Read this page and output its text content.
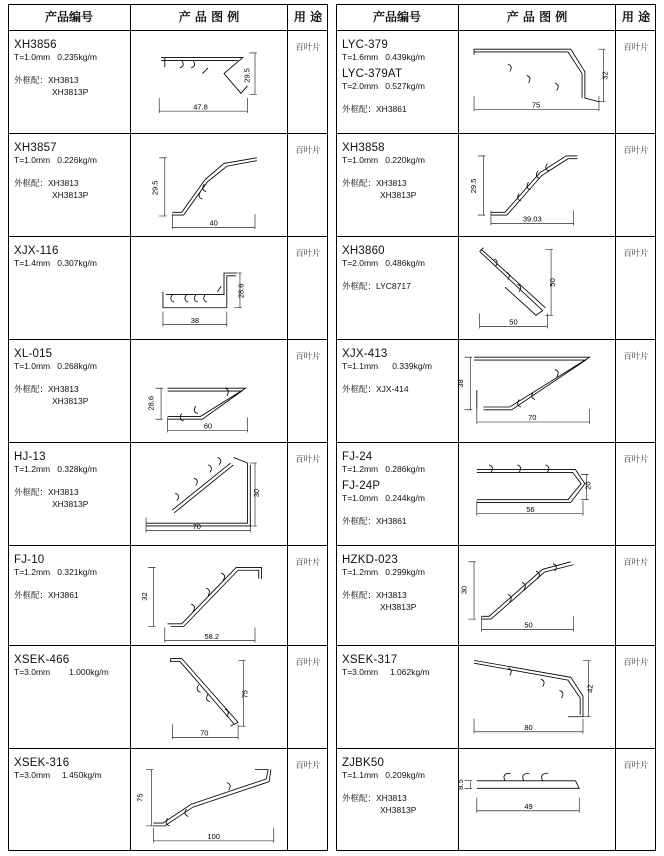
产品编号	产 品 图 例	用 途
XH3856
T=1.0mm   0.235kg/m
外框配：XH3813
XH3813P
47.8
29.5
百叶片
XH3857
T=1.0mm   0.226kg/m
外框配：XH3813
XH3813P
40
29.5
百叶片
XJX-116
T=1.4mm   0.307kg/m
38
28.6
百叶片
XL-015
T=1.0mm   0.268kg/m
外框配：XH3813
XH3813P
60
28.6
百叶片
HJ-13
T=1.2mm   0.328kg/m
外框配：XH3813
XH3813P
70
30
百叶片
FJ-10
T=1.2mm   0.321kg/m
外框配：XH3861
58.2
32
百叶片
XSEK-466
T=3.0mm        1.000kg/m
70
75
百叶片
XSEK-316
T=3.0mm     1.450kg/m
100
75
百叶片
产品编号	产 品 图 例	用 途
LYC-379
T=1.6mm   0.439kg/m
LYC-379AT
T=2.0mm   0.527kg/m
外框配：XH3861	75
32
百叶片
XH3858
T=1.0mm   0.220kg/m
外框配：XH3813
XH3813P
39.03
29.5
百叶片
XH3860
T=2.0mm   0.486kg/m
外框配：LYC8717
50
50
百叶片
XJX-413
T=1.1mm      0.339kg/m
外框配：XJX-414
70
38
百叶片
FJ-24
T=1.2mm   0.286kg/m
FJ-24P
T=1.0mm   0.244kg/m
外框配：XH3861
56
20
百叶片
HZKD-023
T=1.2mm   0.299kg/m
外框配：XH3813
XH3813P
50
30
百叶片
XSEK-317
T=3.0mm     1.062kg/m
80
42
百叶片
ZJBK50
T=1.1mm   0.209kg/m
外框配：XH3813
XH3813P	49
8.5
百叶片
